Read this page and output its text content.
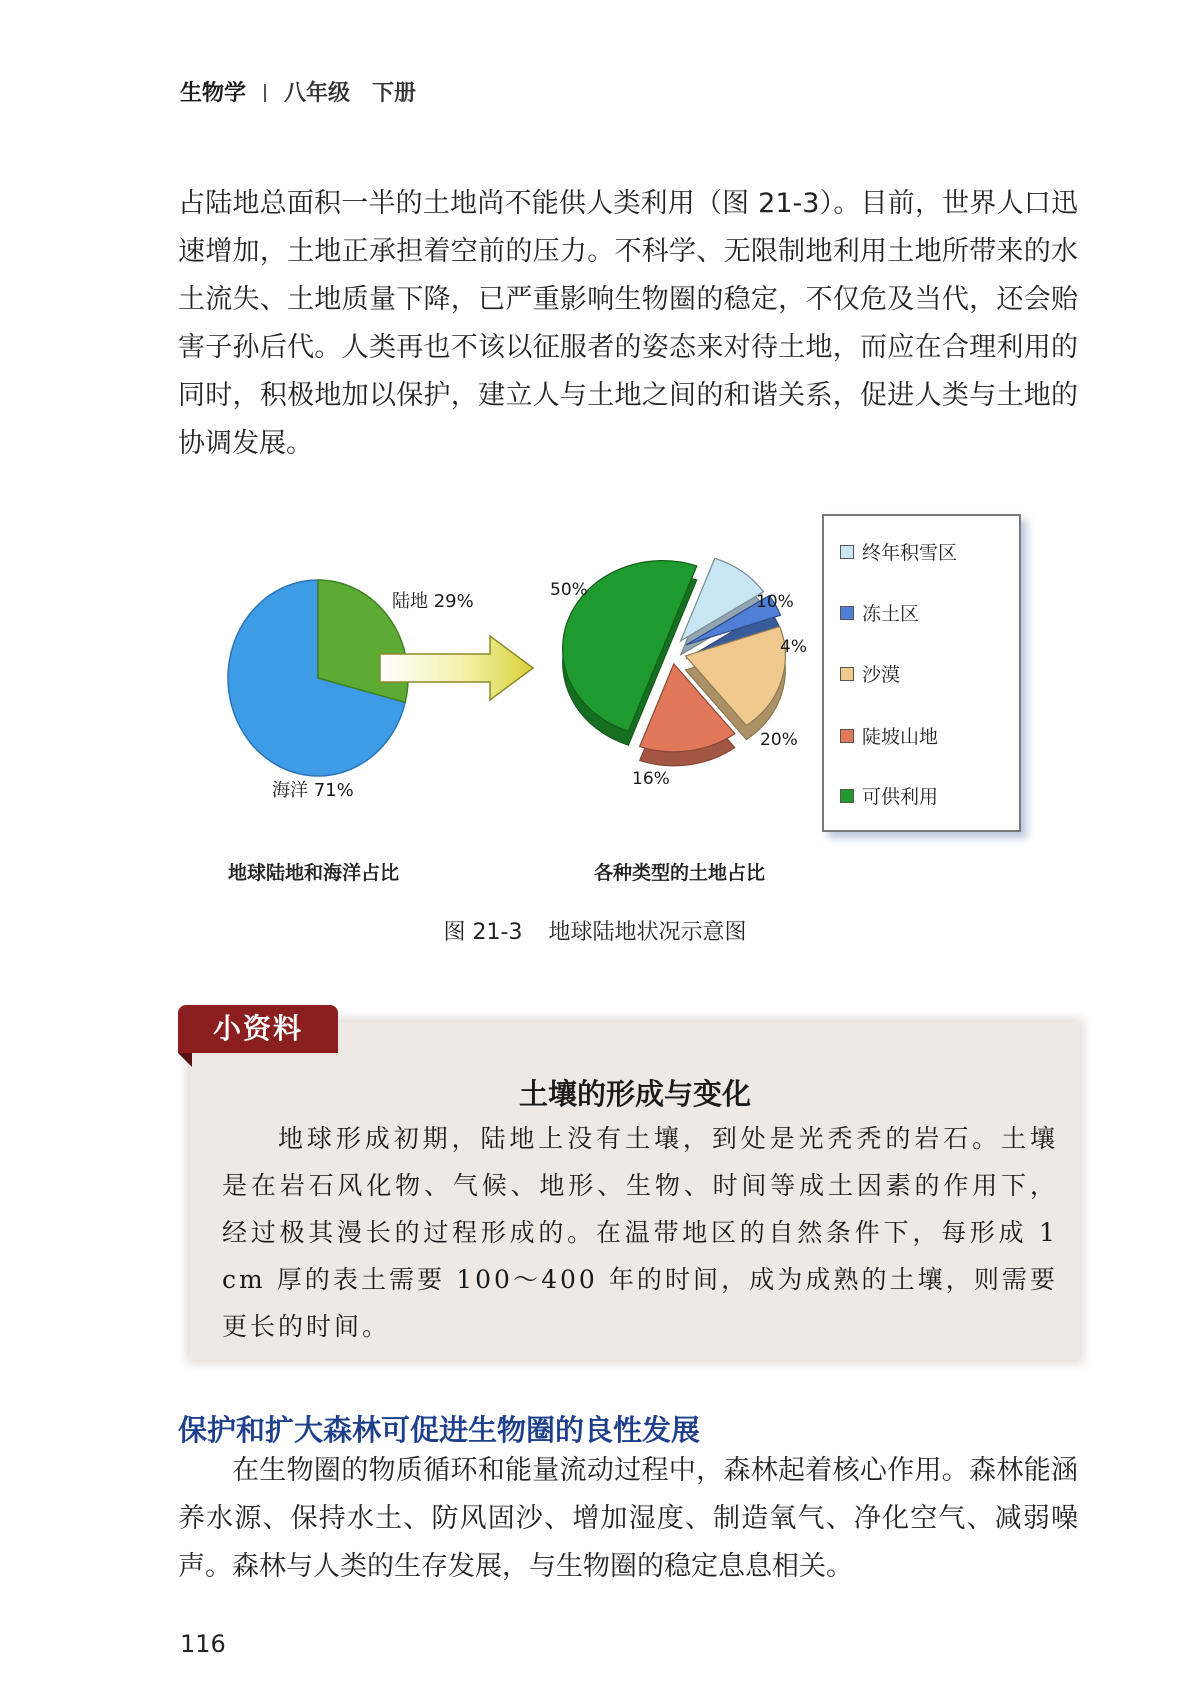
生物学 八年级 下册
占陆地总面积一半的土地尚不能供人类利用（图 21-3）。目前，世界人口迅速增加，土地正承担着空前的压力。不科学、无限制地利用土地所带来的水土流失、土地质量下降，已严重影响生物圈的稳定，不仅危及当代，还会贻害子孙后代。人类再也不该以征服者的姿态来对待土地，而应在合理利用的同时，积极地加以保护，建立人与土地之间的和谐关系，促进人类与土地的协调发展。
陆地 29%
海洋 71%
10%
4%
20%
16%
50%
终年积雪区
冻土区
沙漠
陡坡山地
可供利用
地球陆地和海洋占比	各种类型的土地占比
图 21-3 地球陆地状况示意图
小资料
土壤的形成与变化
地球形成初期，陆地上没有土壤，到处是光秃秃的岩石。土壤是在岩石风化物、气候、地形、生物、时间等成土因素的作用下，经过极其漫长的过程形成的。在温带地区的自然条件下，每形成 1 cm 厚的表土需要 100～400 年的时间，成为成熟的土壤，则需要更长的时间。
保护和扩大森林可促进生物圈的良性发展
在生物圈的物质循环和能量流动过程中，森林起着核心作用。森林能涵养水源、保持水土、防风固沙、增加湿度、制造氧气、净化空气、减弱噪声。森林与人类的生存发展，与生物圈的稳定息息相关。
116
